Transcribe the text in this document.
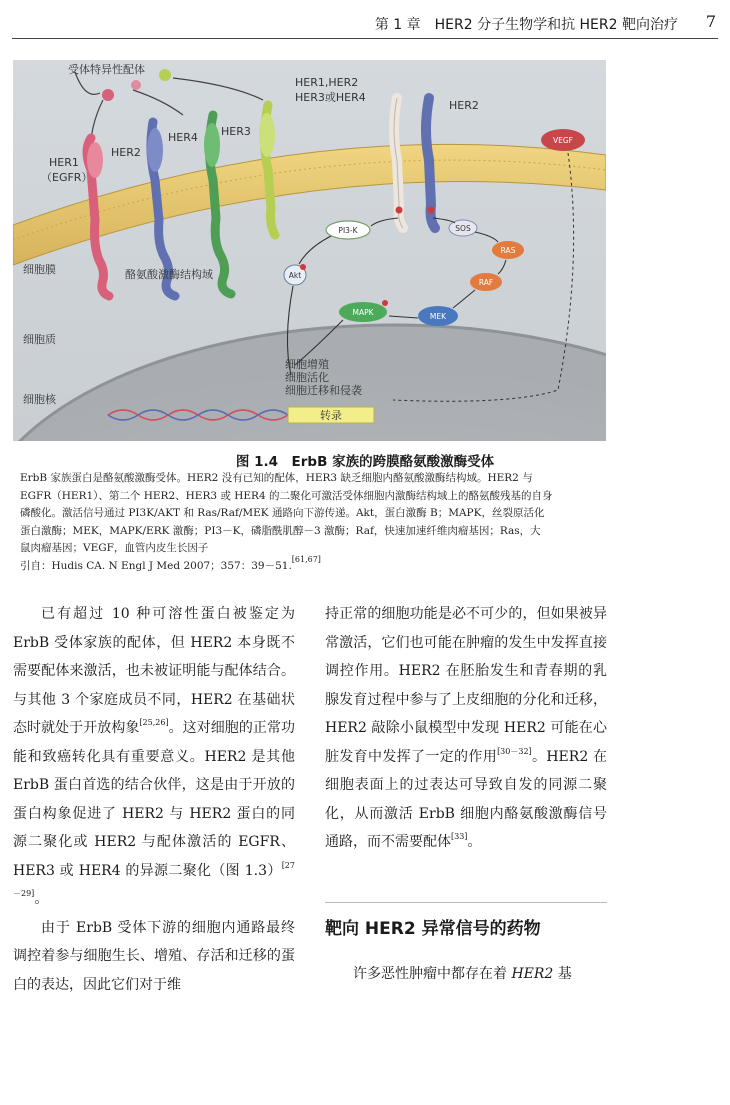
第 1 章　HER2 分子生物学和抗 HER2 靶向治疗 7
VEGF
PI3-K
Akt
SOS
RAS
RAF
MEK
MAPK
转录
受体特异性配体
HER1
（EGFR）
HER2
HER4 HER3
HER1,HER2
HER3或HER4
HER2
细胞膜	酪氨酸激酶结构域
细胞质
细胞核
细胞增殖
细胞活化
细胞迁移和侵袭
图 1.4　 ErbB 家族的跨膜酪氨酸激酶受体

ErbB 家族蛋白是酪氨酸激酶受体。HER2 没有已知的配体，HER3 缺乏细胞内酪氨酸激酶结构域。HER2 与

EGFR（HER1）、第二个 HER2、HER3 或 HER4 的二聚化可激活受体细胞内激酶结构域上的酪氨酸残基的自身

磷酸化。激活信号通过 PI3K/AKT 和 Ras/Raf/MEK 通路向下游传递。Akt，蛋白激酶 B；MAPK，丝裂原活化

蛋白激酶；MEK，MAPK/ERK 激酶；PI3－K，磷脂酰肌醇－3 激酶；Raf，快速加速纤维肉瘤基因；Ras，大

鼠肉瘤基因；VEGF，血管内皮生长因子

引自：Hudis CA. N Engl J Med 2007；357：39－51.[61,67]

已有超过 10 种可溶性蛋白被鉴定为 ErbB 受体家族的配体，但 HER2 本身既不需要配体来激活，也未被证明能与配体结合。与其他 3 个家庭成员不同，HER2 在基础状态时就处于开放构象[25,26]。这对细胞的正常功能和致癌转化具有重要意义。HER2 是其他 ErbB 蛋白首选的结合伙伴，这是由于开放的蛋白构象促进了 HER2 与 HER2 蛋白的同源二聚化或 HER2 与配体激活的 EGFR、HER3 或 HER4 的异源二聚化（图 1.3）[27－29]。

由于 ErbB 受体下游的细胞内通路最终调控着参与细胞生长、增殖、存活和迁移的蛋白的表达，因此它们对于维

持正常的细胞功能是必不可少的，但如果被异常激活，它们也可能在肿瘤的发生中发挥直接调控作用。HER2 在胚胎发生和青春期的乳腺发育过程中参与了上皮细胞的分化和迁移，HER2 敲除小鼠模型中发现 HER2 可能在心脏发育中发挥了一定的作用[30－32]。HER2 在细胞表面上的过表达可导致自发的同源二聚化，从而激活 ErbB 细胞内酪氨酸激酶信号通路，而不需要配体[33]。

靶向 HER2 异常信号的药物
许多恶性肿瘤中都存在着 HER2 基
